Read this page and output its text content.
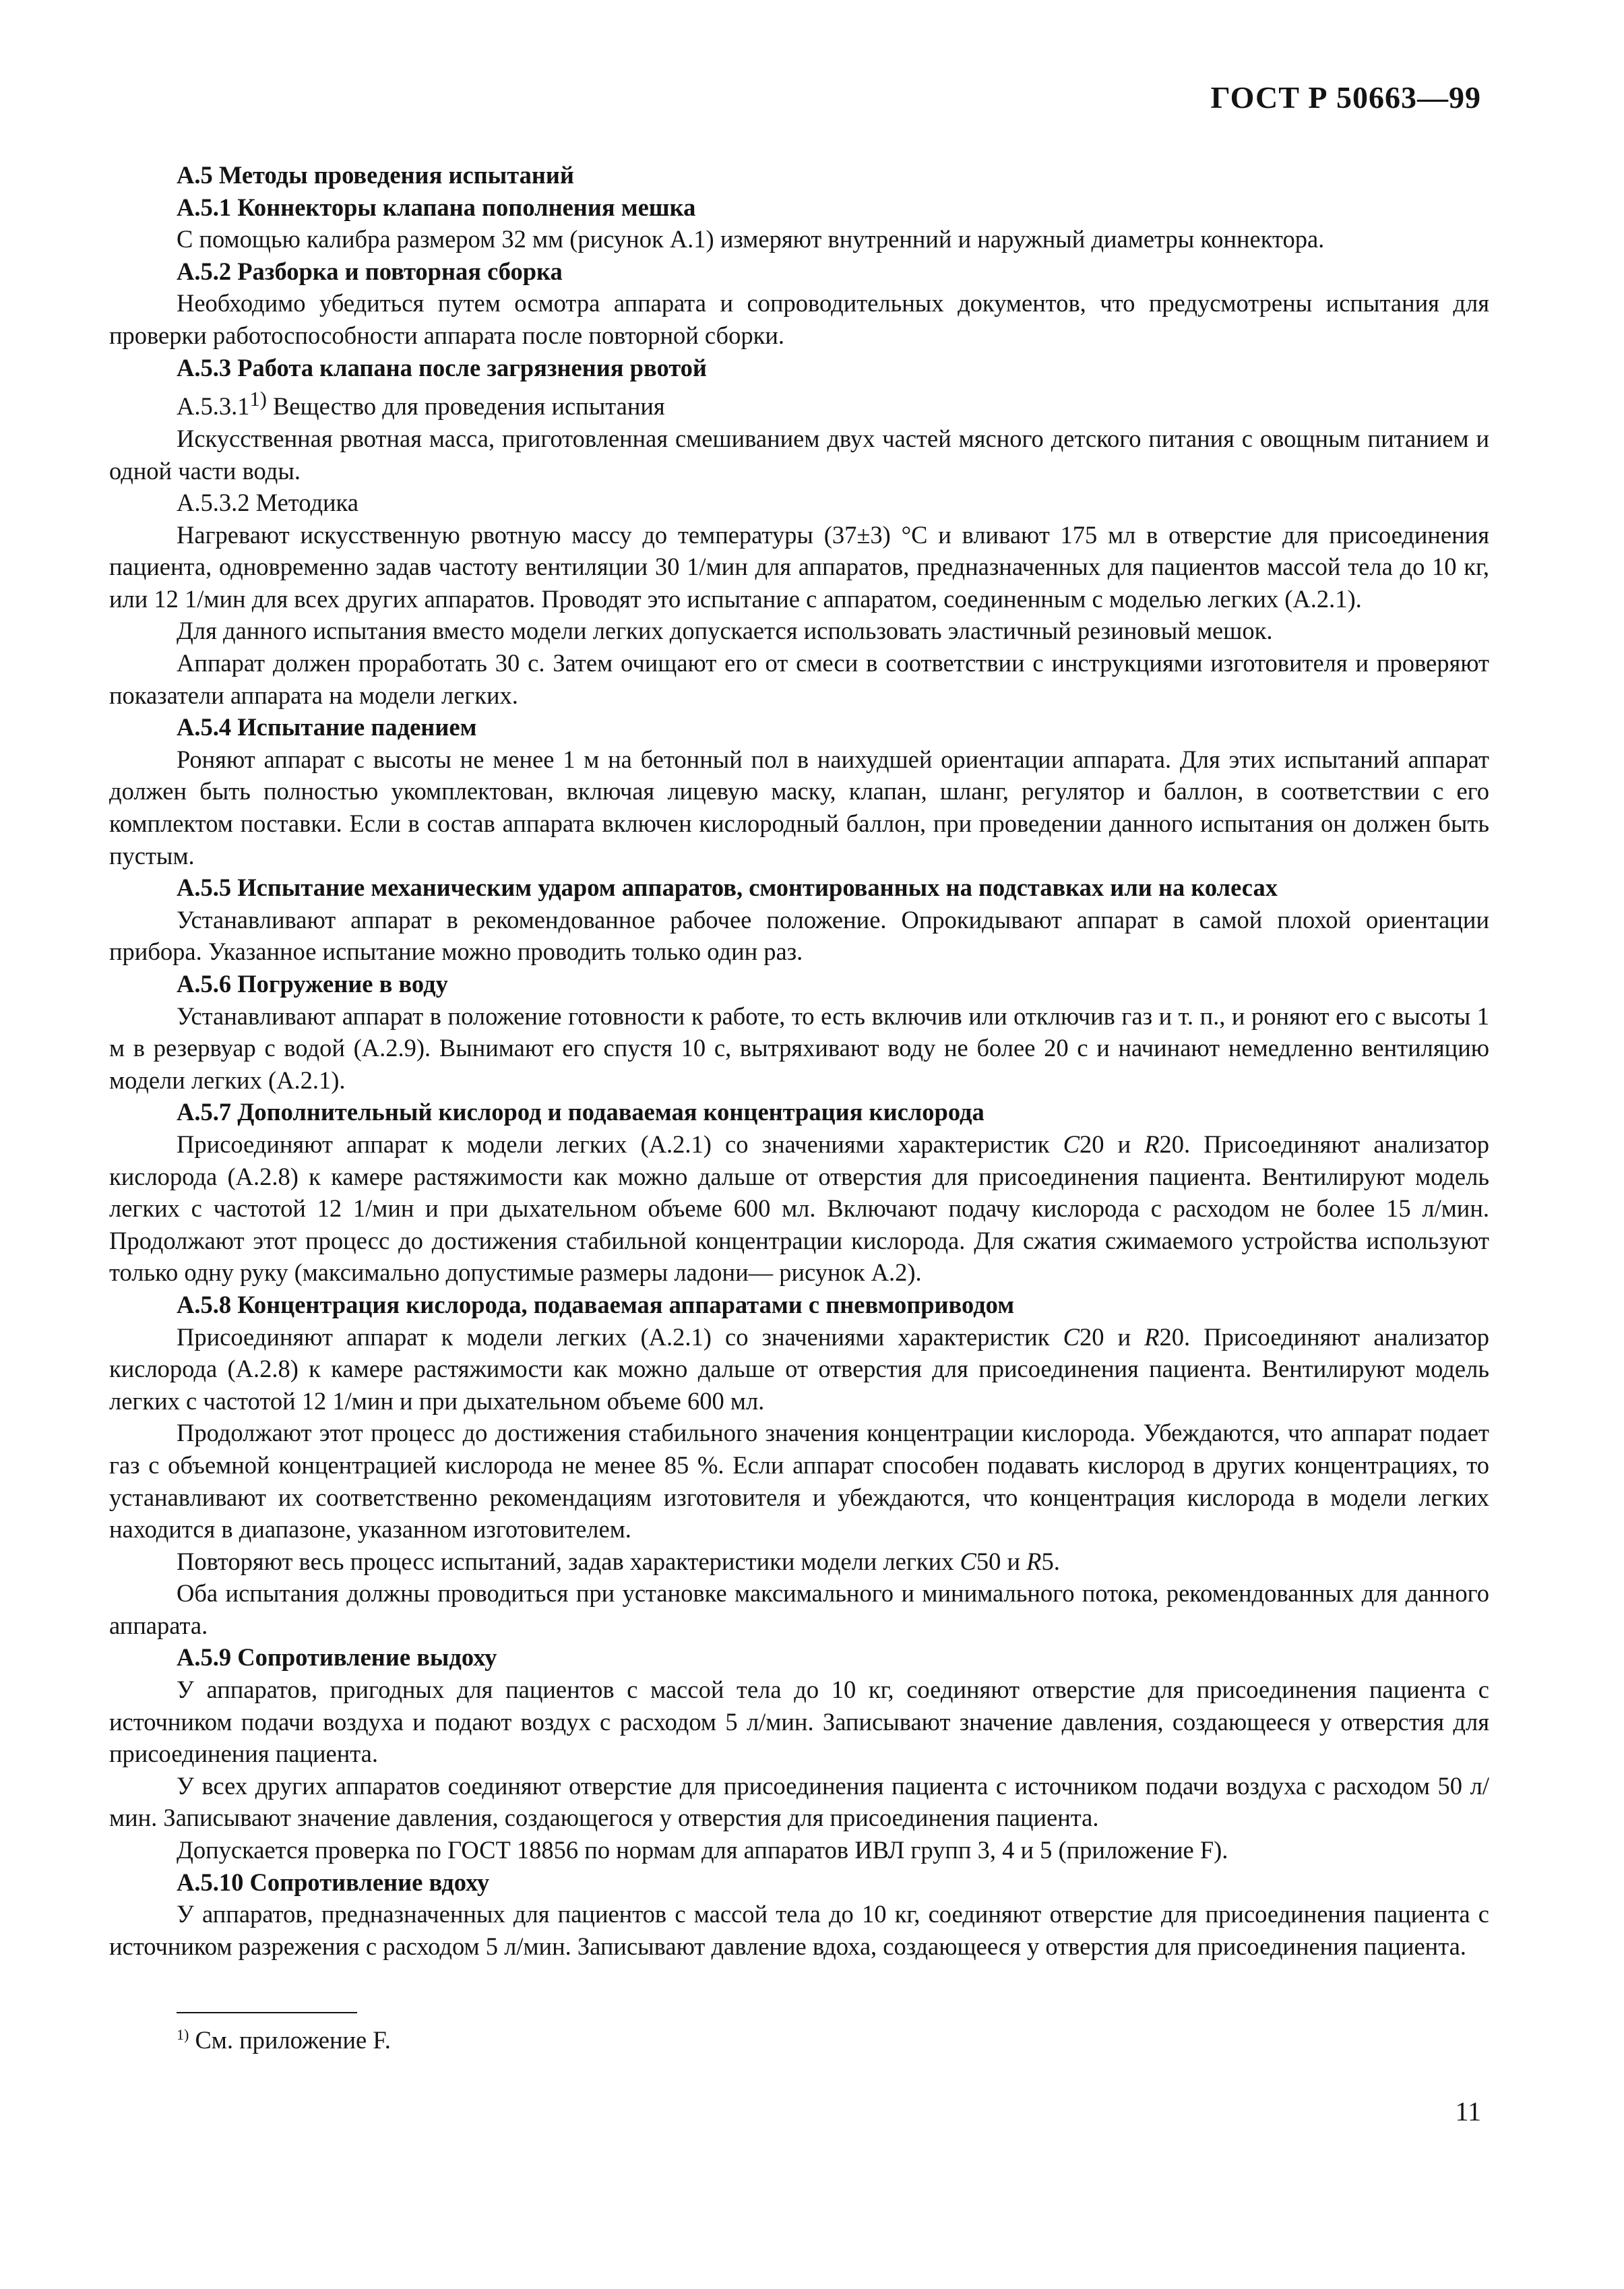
ГОСТ Р 50663—99

А.5 Методы проведения испытаний

А.5.1 Коннекторы клапана пополнения мешка

С помощью калибра размером 32 мм (рисунок А.1) измеряют внутренний и наружный диаметры коннектора.

А.5.2 Разборка и повторная сборка

Необходимо убедиться путем осмотра аппарата и сопроводительных документов, что предусмотрены испытания для проверки работоспособности аппарата после повторной сборки.

А.5.3 Работа клапана после загрязнения рвотой

А.5.3.1$^{1)}$ Вещество для проведения испытания

Искусственная рвотная масса, приготовленная смешиванием двух частей мясного детского питания с овощным питанием и одной части воды.

А.5.3.2 Методика

Нагревают искусственную рвотную массу до температуры (37±3) °С и вливают 175 мл в отверстие для присоединения пациента, одновременно задав частоту вентиляции 30 1/мин для аппаратов, предназначенных для пациентов массой тела до 10 кг, или 12 1/мин для всех других аппаратов. Проводят это испытание с аппаратом, соединенным с моделью легких (А.2.1).

Для данного испытания вместо модели легких допускается использовать эластичный резиновый мешок.

Аппарат должен проработать 30 с. Затем очищают его от смеси в соответствии с инструкциями изготовителя и проверяют показатели аппарата на модели легких.

А.5.4 Испытание падением

Роняют аппарат с высоты не менее 1 м на бетонный пол в наихудшей ориентации аппарата. Для этих испытаний аппарат должен быть полностью укомплектован, включая лицевую маску, клапан, шланг, регулятор и баллон, в соответствии с его комплектом поставки. Если в состав аппарата включен кислородный баллон, при проведении данного испытания он должен быть пустым.

А.5.5 Испытание механическим ударом аппаратов, смонтированных на подставках или на колесах

Устанавливают аппарат в рекомендованное рабочее положение. Опрокидывают аппарат в самой плохой ориентации прибора. Указанное испытание можно проводить только один раз.

А.5.6 Погружение в воду

Устанавливают аппарат в положение готовности к работе, то есть включив или отключив газ и т. п., и роняют его с высоты 1 м в резервуар с водой (А.2.9). Вынимают его спустя 10 с, вытряхивают воду не более 20 с и начинают немедленно вентиляцию модели легких (А.2.1).

А.5.7 Дополнительный кислород и подаваемая концентрация кислорода

Присоединяют аппарат к модели легких (А.2.1) со значениями характеристик С20 и R20. Присоединяют анализатор кислорода (А.2.8) к камере растяжимости как можно дальше от отверстия для присоединения пациента. Вентилируют модель легких с частотой 12 1/мин и при дыхательном объеме 600 мл. Включают подачу кислорода с расходом не более 15 л/мин. Продолжают этот процесс до достижения стабильной концентрации кислорода. Для сжатия сжимаемого устройства используют только одну руку (максимально допустимые размеры ладони— рисунок А.2).

А.5.8 Концентрация кислорода, подаваемая аппаратами с пневмоприводом

Присоединяют аппарат к модели легких (А.2.1) со значениями характеристик С20 и R20. Присоединяют анализатор кислорода (А.2.8) к камере растяжимости как можно дальше от отверстия для присоединения пациента. Вентилируют модель легких с частотой 12 1/мин и при дыхательном объеме 600 мл.

Продолжают этот процесс до достижения стабильного значения концентрации кислорода. Убеждаются, что аппарат подает газ с объемной концентрацией кислорода не менее 85 %. Если аппарат способен подавать кислород в других концентрациях, то устанавливают их соответственно рекомендациям изготовителя и убеждаются, что концентрация кислорода в модели легких находится в диапазоне, указанном изготовителем.

Повторяют весь процесс испытаний, задав характеристики модели легких С50 и R5.

Оба испытания должны проводиться при установке максимального и минимального потока, рекомендованных для данного аппарата.

А.5.9 Сопротивление выдоху

У аппаратов, пригодных для пациентов с массой тела до 10 кг, соединяют отверстие для присоединения пациента с источником подачи воздуха и подают воздух с расходом 5 л/мин. Записывают значение давления, создающееся у отверстия для присоединения пациента.

У всех других аппаратов соединяют отверстие для присоединения пациента с источником подачи воздуха с расходом 50 л/мин. Записывают значение давления, создающегося у отверстия для присоединения пациента.

Допускается проверка по ГОСТ 18856 по нормам для аппаратов ИВЛ групп 3, 4 и 5 (приложение F).

А.5.10 Сопротивление вдоху

У аппаратов, предназначенных для пациентов с массой тела до 10 кг, соединяют отверстие для присоединения пациента с источником разрежения с расходом 5 л/мин. Записывают давление вдоха, создающееся у отверстия для присоединения пациента.

$^{1)}$ См. приложение F.
11
